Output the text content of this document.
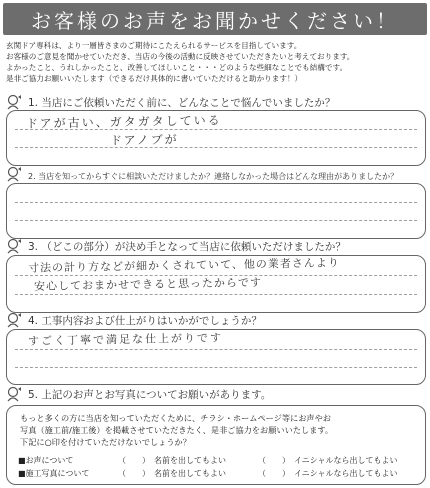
お客様のお声をお聞かせください！
玄関ドア専科は、より一層皆さまのご期待にこたえられるサービスを目指しています。
お客様のご意見を聞かせていただき、当店の今後の活動に反映させていただきたいと考えております。
よかったこと、うれしかったこと、改善してほしいこと・・・どのような些細なことでも結構です。
是非ご協力お願いいたします（できるだけ具体的に書いていただけると助かります！）
1. 当店にご依頼いただく前に、どんなことで悩んでいましたか？
ドアが古い、ガタガタしている
ドアノブが
2. 当店を知ってからすぐに相談いただけましたか？連絡しなかった場合はどんな理由がありましたか？
3. （どこの部分）が決め手となって当店に依頼いただけましたか？
寸法の計り方などが細かくされていて、他の業者さんより
安心しておまかせできると思ったからです
4. 工事内容および仕上がりはいかがでしょうか？
すごく丁寧で満足な仕上がりです
5. 上記のお声とお写真についてお願いがあります。
もっと多くの方に当店を知っていただくために、チラシ・ホームページ等にお声やお
写真（施工前/施工後）を掲載させていただきたく、是非ご協力をお願いいたします。
下記に○印を付けていただけないでしょうか？
■お声について	（　　）　名前を出してもよい	（　　）　イニシャルなら出してもよい
■施工写真について	（　　）　名前を出してもよい	（　　）　イニシャルなら出してもよい
